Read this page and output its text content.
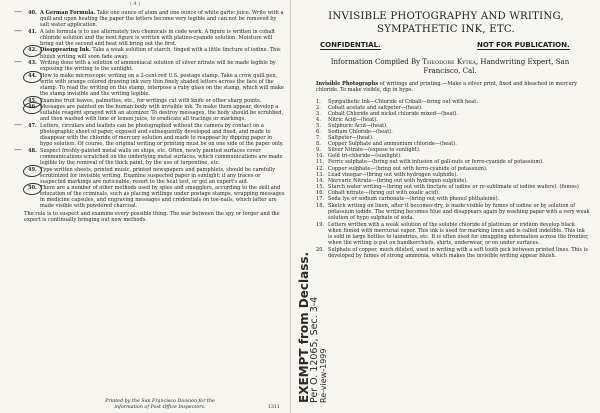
( 4 )
— 40. A German Formula. Take one ounce of alum and one ounce of white garlic juice. Write with a quill and upon heating the paper the letters become very legible and can not be removed by salt water application.
— 41. A late formula is to use alternately two chemicals in code work. A figure is written in cobalt chloride solution and the next figure is written with platino-cyanide solution. Moisture will bring out the second and heat will bring out the first.
42. Disappearing Ink. Take a weak solution of starch, tinged with a little tincture of iodine. This bluish writing will soon fade away.
— 43. Writing done with a solution of ammoniacal solution of silver nitrate will be made legible by exposing the writing to the sunlight.
44. How to make microscopic writing on a 2-cent red U.S. postage stamp. Take a crow quill pen, write with orange colored drawing ink very thin finely shaded letters across the face of the stamp. To read the writing on this stamp, interpose a ruby glass on the stamp, which will make the stamp invisible and the writing legible.
45. Examine fruit leaves, palmettos, etc., for writings cut with knife or other sharp points.
46. Messages are painted on the human body with invisible ink. To make them appear, develop a suitable reagent sprayed with an atomizer. To destroy messages, the body should be scrubbed, and then washed with lime or lemon juice, to eradicate all tracings or markings.
— 47. Letters, circulars and leaflets can be photographed without the camera by contact on a photographic sheet of paper, exposed and subsequently developed and fixed, and made to disappear with the chloride of mercury solution and made to reappear by dipping paper in hypo solution. Of course, the original writing or printing must be on one side of the paper only.
— 48. Suspect freshly-painted metal walls on ships, etc. Often, newly painted surfaces cover communications scratched on the underlying metal surfaces, which communications are made legible by the removal of the thick paint, by the use of turpentine, etc.
49. Type-written sheets, printed music, printed newspapers and pamphlets, should be carefully scrutinized for invisible writing. Examine suspected paper in sunlight; if any traces or suspected markings are noticeable, resort to the heat test, or get an expert's aid.
50. There are a number of other methods used by spies and smugglers, according to the skill and education of the criminals, such as placing writings under postage stamps, wrapping messages in medicine capsules, and engraving messages and credentials on toe-nails, which latter are made visible with powdered charcoal.
The rule is to suspect and examine every possible thing. The war between the spy or forger and the expert is continually bringing out new methods.
Printed by the San Francisco Division for the
information of Post Office Inspectors.	1311
INVISIBLE PHOTOGRAPHY AND WRITING,
SYMPATHETIC INK, ETC.
CONFIDENTIAL.	NOT FOR PUBLICATION.
Information Compiled By Theodore Kytka, Handwriting Expert, San Francisco, Cal.
Invisible Photographs of writings and printing.—Make a silver print, fixed and bleached in mercury chloride. To make visible, dip in hypo.
1. Sympathetic Ink—Chloride of Cobalt—bring out with heat.
2. Cobalt acetate and saltpeter—(heat).
3. Cobalt Chloride and nickel chloride mixed—(heat).
4. Nitric Acid—(heat).
5. Sulphuric Acid—(heat).
6. Sodium Chloride—(heat).
7. Saltpeter—(heat).
8. Copper Sulphate and ammonium chloride—(heat).
9. Silver Nitrate—(expose to sunlight).
10. Gold tri-chloride—(sunlight).
11. Ferric sulphate—(bring out with infusion of gall-nuts or ferro-cyanide of potassium).
12. Copper sulphate—(bring out with ferro-cyanide of potassium).
13. Lead vinegar—(bring out with hydrogen sulphide).
14. Mercuric Nitrate—(bring out with hydrogen sulphide).
15. Starch water writing—(bring out with tincture of iodine or re-sublimate of iodine wafers). (fumes)
16. Cobalt nitrate—(bring out with oxalic acid).
17. Soda lye or sodium carbonate—(bring out with phenol phthaleine).
18. Sketch writing on linen, after it becomes dry, is made visible by fumes of iodine or by solution of potassium iodide. The writing becomes blue and disappears again by washing paper with a very weak solution of hypo sulphate of soda.
19. Letters written with a weak solution of the soluble chloride of platinum or iridium develop black when fumed with mercurial vapor. This ink is used for marking linen and is called indelible. This ink is sold in large bottles to laundries, etc. It is often used for smuggling information across the frontier, when the writing is put on handkerchiefs, shirts, underwear, or on under surfaces.
20. Sulphate of copper, much diluted, used in writing with a soft tooth pick between printed lines. This is developed by fumes of strong ammonia, which makes the invisible writing appear bluish.
EXEMPT from Declass.
Per O. 12065, Sec. 3-4 Re-view-1999
